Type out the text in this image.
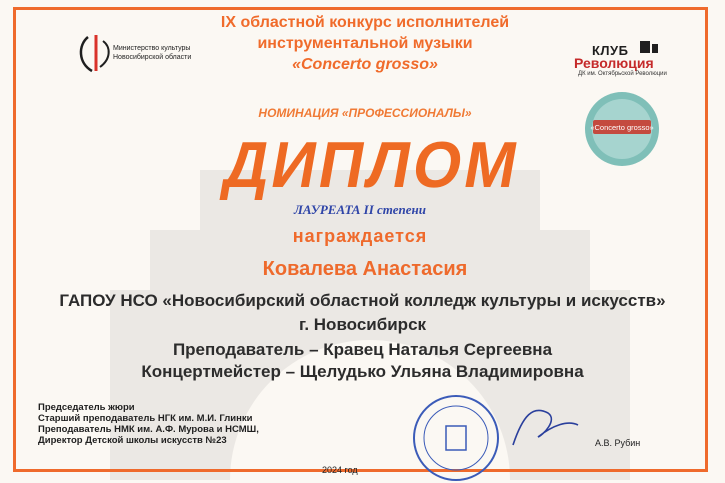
Министерство культуры
Новосибирской области
IX областной конкурс исполнителей
инструментальной музыки
«Concerto grosso»
КЛУБ
Революция
ДК им. Октябрьской Революции
«Concerto grosso»
НОМИНАЦИЯ «ПРОФЕССИОНАЛЫ»
ДИПЛОМ
ЛАУРЕАТА II степени
награждается
Ковалева Анастасия
ГАПОУ НСО «Новосибирский областной колледж культуры и искусств»
г. Новосибирск
Преподаватель – Кравец Наталья Сергеевна
Концертмейстер – Щелудько Ульяна Владимировна
Председатель жюри
Старший преподаватель НГК им. М.И. Глинки
Преподаватель НМК им. А.Ф. Мурова и НСМШ,
Директор Детской школы искусств №23	А.В. Рубин
2024 год
